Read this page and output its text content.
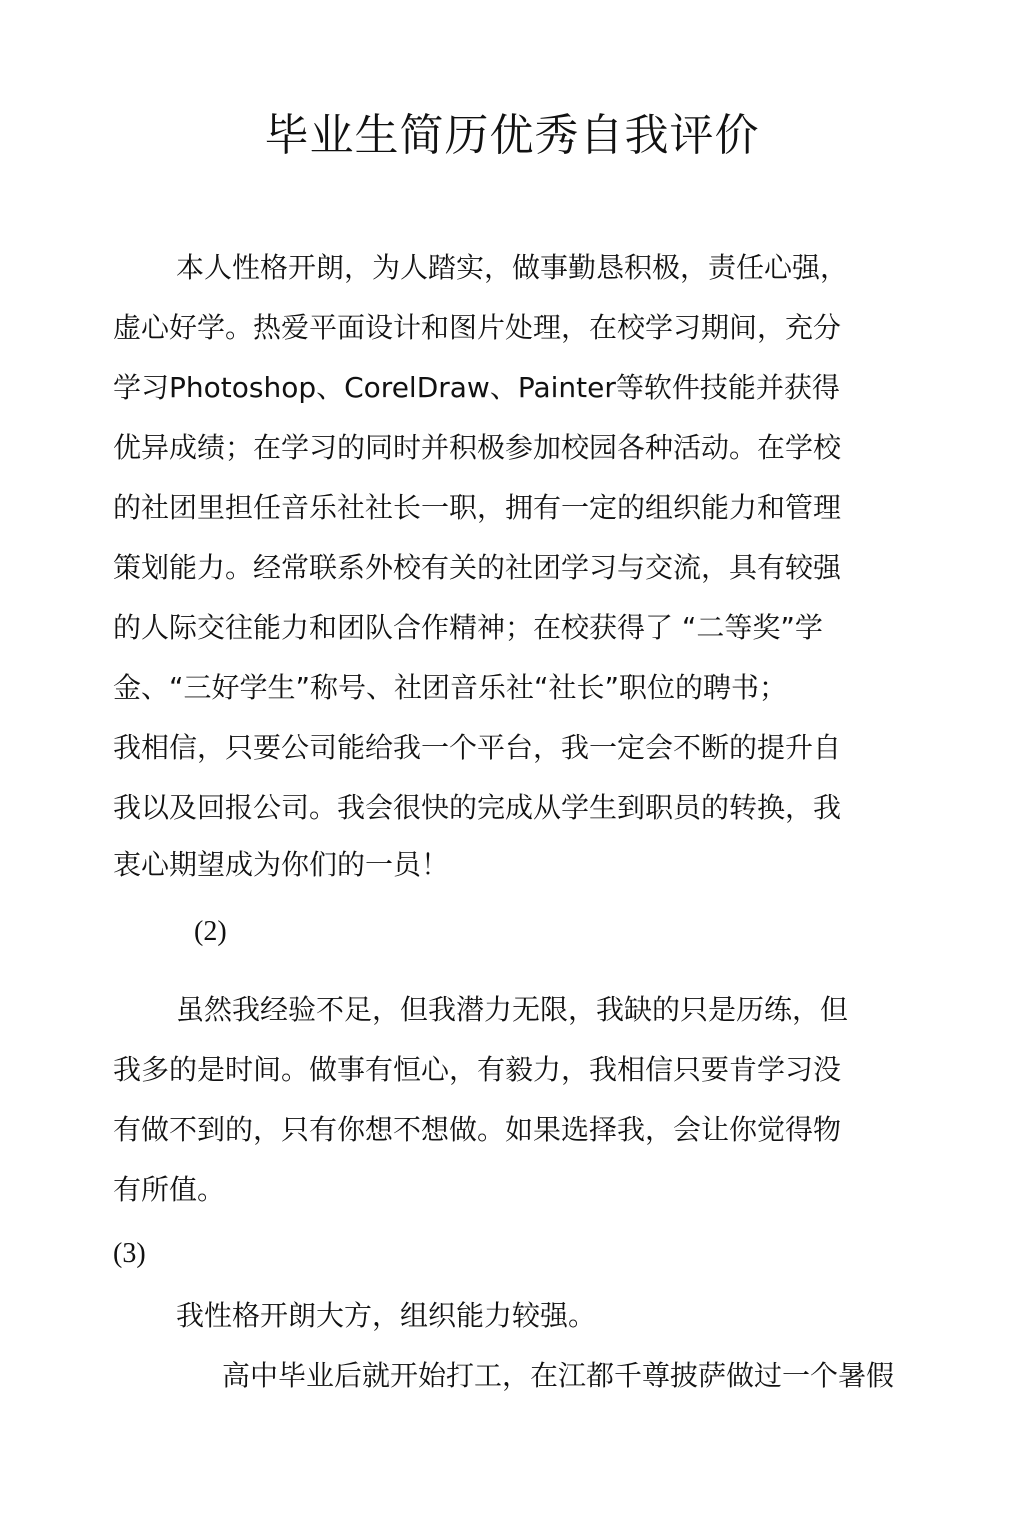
毕业生简历优秀自我评价

本人性格开朗，为人踏实，做事勤恳积极，责任心强，

虚心好学。热爱平面设计和图片处理，在校学习期间，充分

学习Photoshop、CorelDraw、Painter等软件技能并获得

优异成绩；在学习的同时并积极参加校园各种活动。在学校

的社团里担任音乐社社长一职，拥有一定的组织能力和管理

策划能力。经常联系外校有关的社团学习与交流，具有较强

的人际交往能力和团队合作精神；在校获得了 “二等奖”学

金、“三好学生”称号、社团音乐社“社长”职位的聘书；

我相信，只要公司能给我一个平台，我一定会不断的提升自

我以及回报公司。我会很快的完成从学生到职员的转换，我

衷心期望成为你们的一员！

(2)

虽然我经验不足，但我潜力无限，我缺的只是历练，但

我多的是时间。做事有恒心，有毅力，我相信只要肯学习没

有做不到的，只有你想不想做。如果选择我，会让你觉得物

有所值。

(3)

我性格开朗大方，组织能力较强。

高中毕业后就开始打工，在江都千尊披萨做过一个暑假
